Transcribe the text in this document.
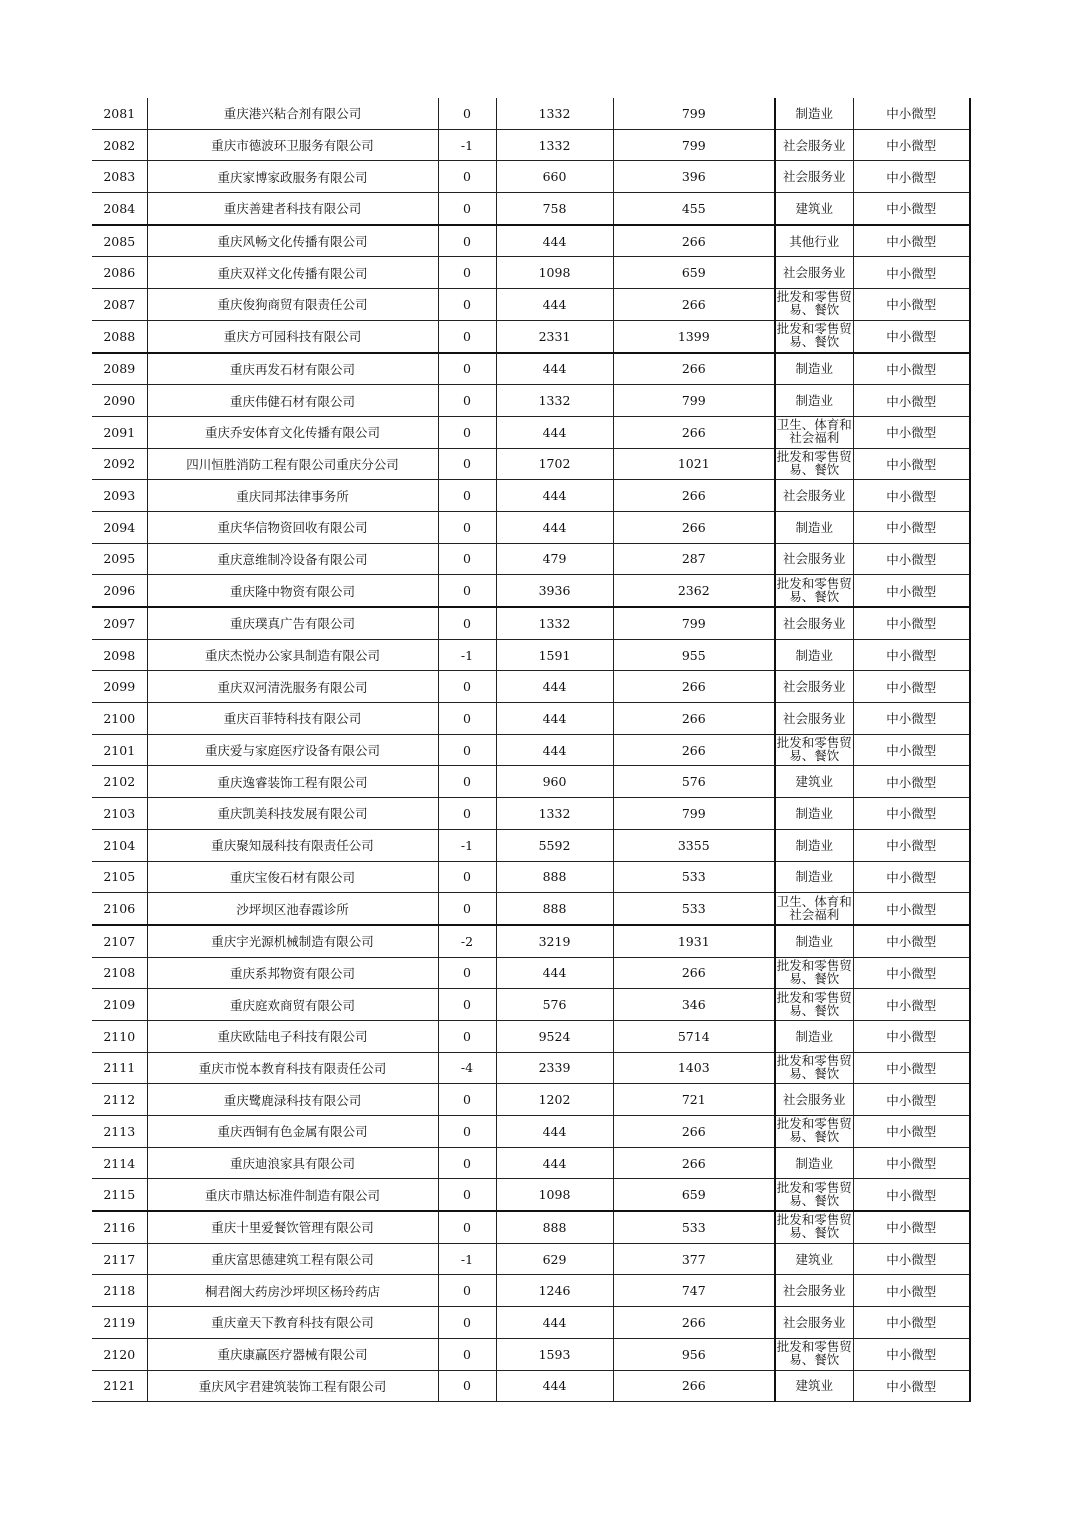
2081	重庆港兴粘合剂有限公司	0	1332	799	制造业	中小微型
2082	重庆市德波环卫服务有限公司	-1	1332	799	社会服务业	中小微型
2083	重庆家博家政服务有限公司	0	660	396	社会服务业	中小微型
2084	重庆善建者科技有限公司	0	758	455	建筑业	中小微型
2085	重庆风畅文化传播有限公司	0	444	266	其他行业	中小微型
2086	重庆双祥文化传播有限公司	0	1098	659	社会服务业	中小微型
2087	重庆俊狗商贸有限责任公司	0	444	266	批发和零售贸易、餐饮	中小微型
2088	重庆方可园科技有限公司	0	2331	1399	批发和零售贸易、餐饮	中小微型
2089	重庆再发石材有限公司	0	444	266	制造业	中小微型
2090	重庆伟健石材有限公司	0	1332	799	制造业	中小微型
2091	重庆乔安体育文化传播有限公司	0	444	266	卫生、体育和社会福利	中小微型
2092	四川恒胜消防工程有限公司重庆分公司	0	1702	1021	批发和零售贸易、餐饮	中小微型
2093	重庆同邦法律事务所	0	444	266	社会服务业	中小微型
2094	重庆华信物资回收有限公司	0	444	266	制造业	中小微型
2095	重庆意维制冷设备有限公司	0	479	287	社会服务业	中小微型
2096	重庆隆中物资有限公司	0	3936	2362	批发和零售贸易、餐饮	中小微型
2097	重庆璞真广告有限公司	0	1332	799	社会服务业	中小微型
2098	重庆杰悦办公家具制造有限公司	-1	1591	955	制造业	中小微型
2099	重庆双河清洗服务有限公司	0	444	266	社会服务业	中小微型
2100	重庆百菲特科技有限公司	0	444	266	社会服务业	中小微型
2101	重庆爱与家庭医疗设备有限公司	0	444	266	批发和零售贸易、餐饮	中小微型
2102	重庆逸睿装饰工程有限公司	0	960	576	建筑业	中小微型
2103	重庆凯美科技发展有限公司	0	1332	799	制造业	中小微型
2104	重庆聚知晟科技有限责任公司	-1	5592	3355	制造业	中小微型
2105	重庆宝俊石材有限公司	0	888	533	制造业	中小微型
2106	沙坪坝区池春霞诊所	0	888	533	卫生、体育和社会福利	中小微型
2107	重庆宇光源机械制造有限公司	-2	3219	1931	制造业	中小微型
2108	重庆系邦物资有限公司	0	444	266	批发和零售贸易、餐饮	中小微型
2109	重庆庭欢商贸有限公司	0	576	346	批发和零售贸易、餐饮	中小微型
2110	重庆欧陆电子科技有限公司	0	9524	5714	制造业	中小微型
2111	重庆市悦本教育科技有限责任公司	-4	2339	1403	批发和零售贸易、餐饮	中小微型
2112	重庆鹭鹿渌科技有限公司	0	1202	721	社会服务业	中小微型
2113	重庆西铜有色金属有限公司	0	444	266	批发和零售贸易、餐饮	中小微型
2114	重庆迪浪家具有限公司	0	444	266	制造业	中小微型
2115	重庆市鼎达标准件制造有限公司	0	1098	659	批发和零售贸易、餐饮	中小微型
2116	重庆十里爱餐饮管理有限公司	0	888	533	批发和零售贸易、餐饮	中小微型
2117	重庆富思德建筑工程有限公司	-1	629	377	建筑业	中小微型
2118	桐君阁大药房沙坪坝区杨玲药店	0	1246	747	社会服务业	中小微型
2119	重庆童天下教育科技有限公司	0	444	266	社会服务业	中小微型
2120	重庆康赢医疗器械有限公司	0	1593	956	批发和零售贸易、餐饮	中小微型
2121	重庆风宇君建筑装饰工程有限公司	0	444	266	建筑业	中小微型
